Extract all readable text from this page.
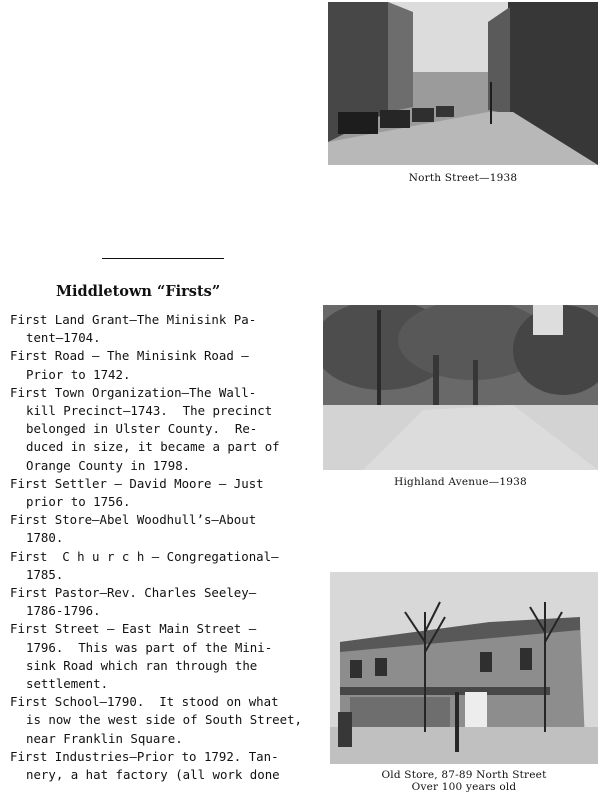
North Street—1938
Highland Avenue—1938
Old Store, 87-89 North Street
Over 100 years old
Middletown “Firsts”

First Land Grant—The Minisink Pa-
tent—1704.

First Road — The Minisink Road —
Prior to 1742.

First Town Organization—The Wall-
kill Precinct—1743.  The precinct
belonged in Ulster County.  Re-
duced in size, it became a part of
Orange County in 1798.

First Settler — David Moore — Just
prior to 1756.

First Store—Abel Woodhull’s—About
1780.

First  C h u r c h — Congregational—
1785.

First Pastor—Rev. Charles Seeley—
1786-1796.

First Street — East Main Street —
1796.  This was part of the Mini-
sink Road which ran through the
settlement.

First School—1790.  It stood on what
is now the west side of South Street,
near Franklin Square.

First Industries—Prior to 1792. Tan-
nery, a hat factory (all work done
